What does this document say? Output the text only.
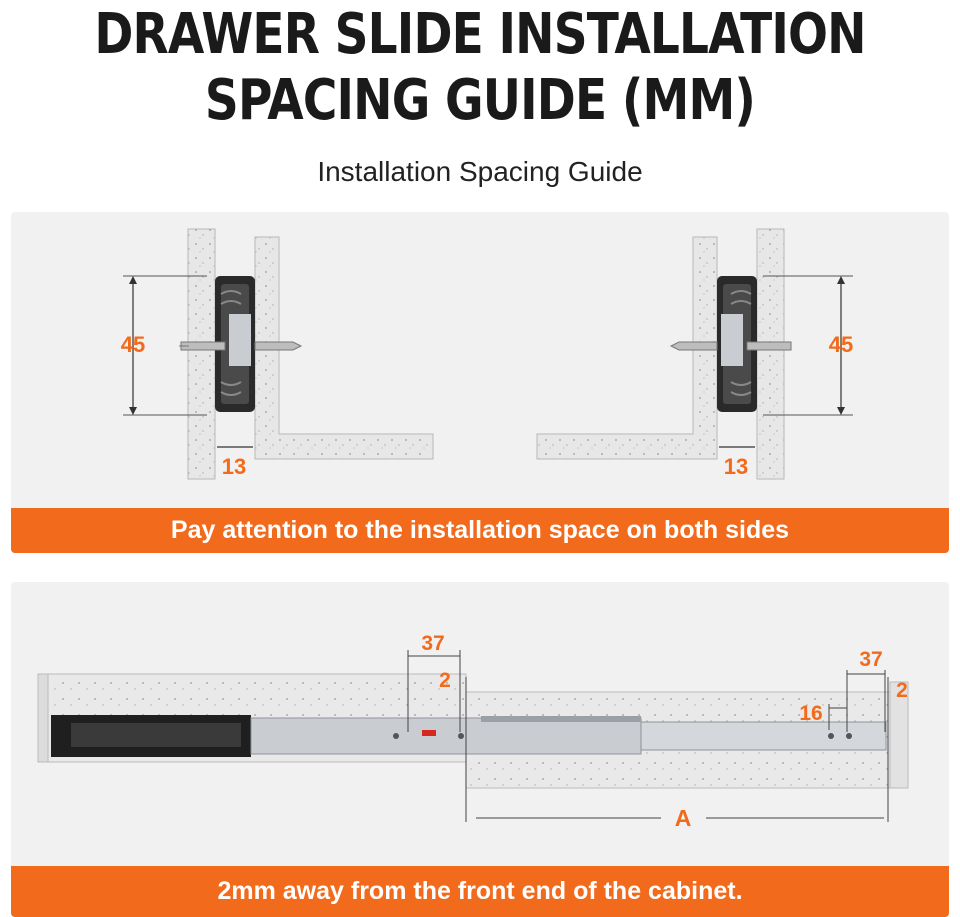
DRAWER SLIDE INSTALLATION
SPACING GUIDE (MM)
Installation Spacing Guide
45
13
45
13
Pay attention to the installation space on both sides
37
2
37
16
2
A
2mm away from the front end of the cabinet.
